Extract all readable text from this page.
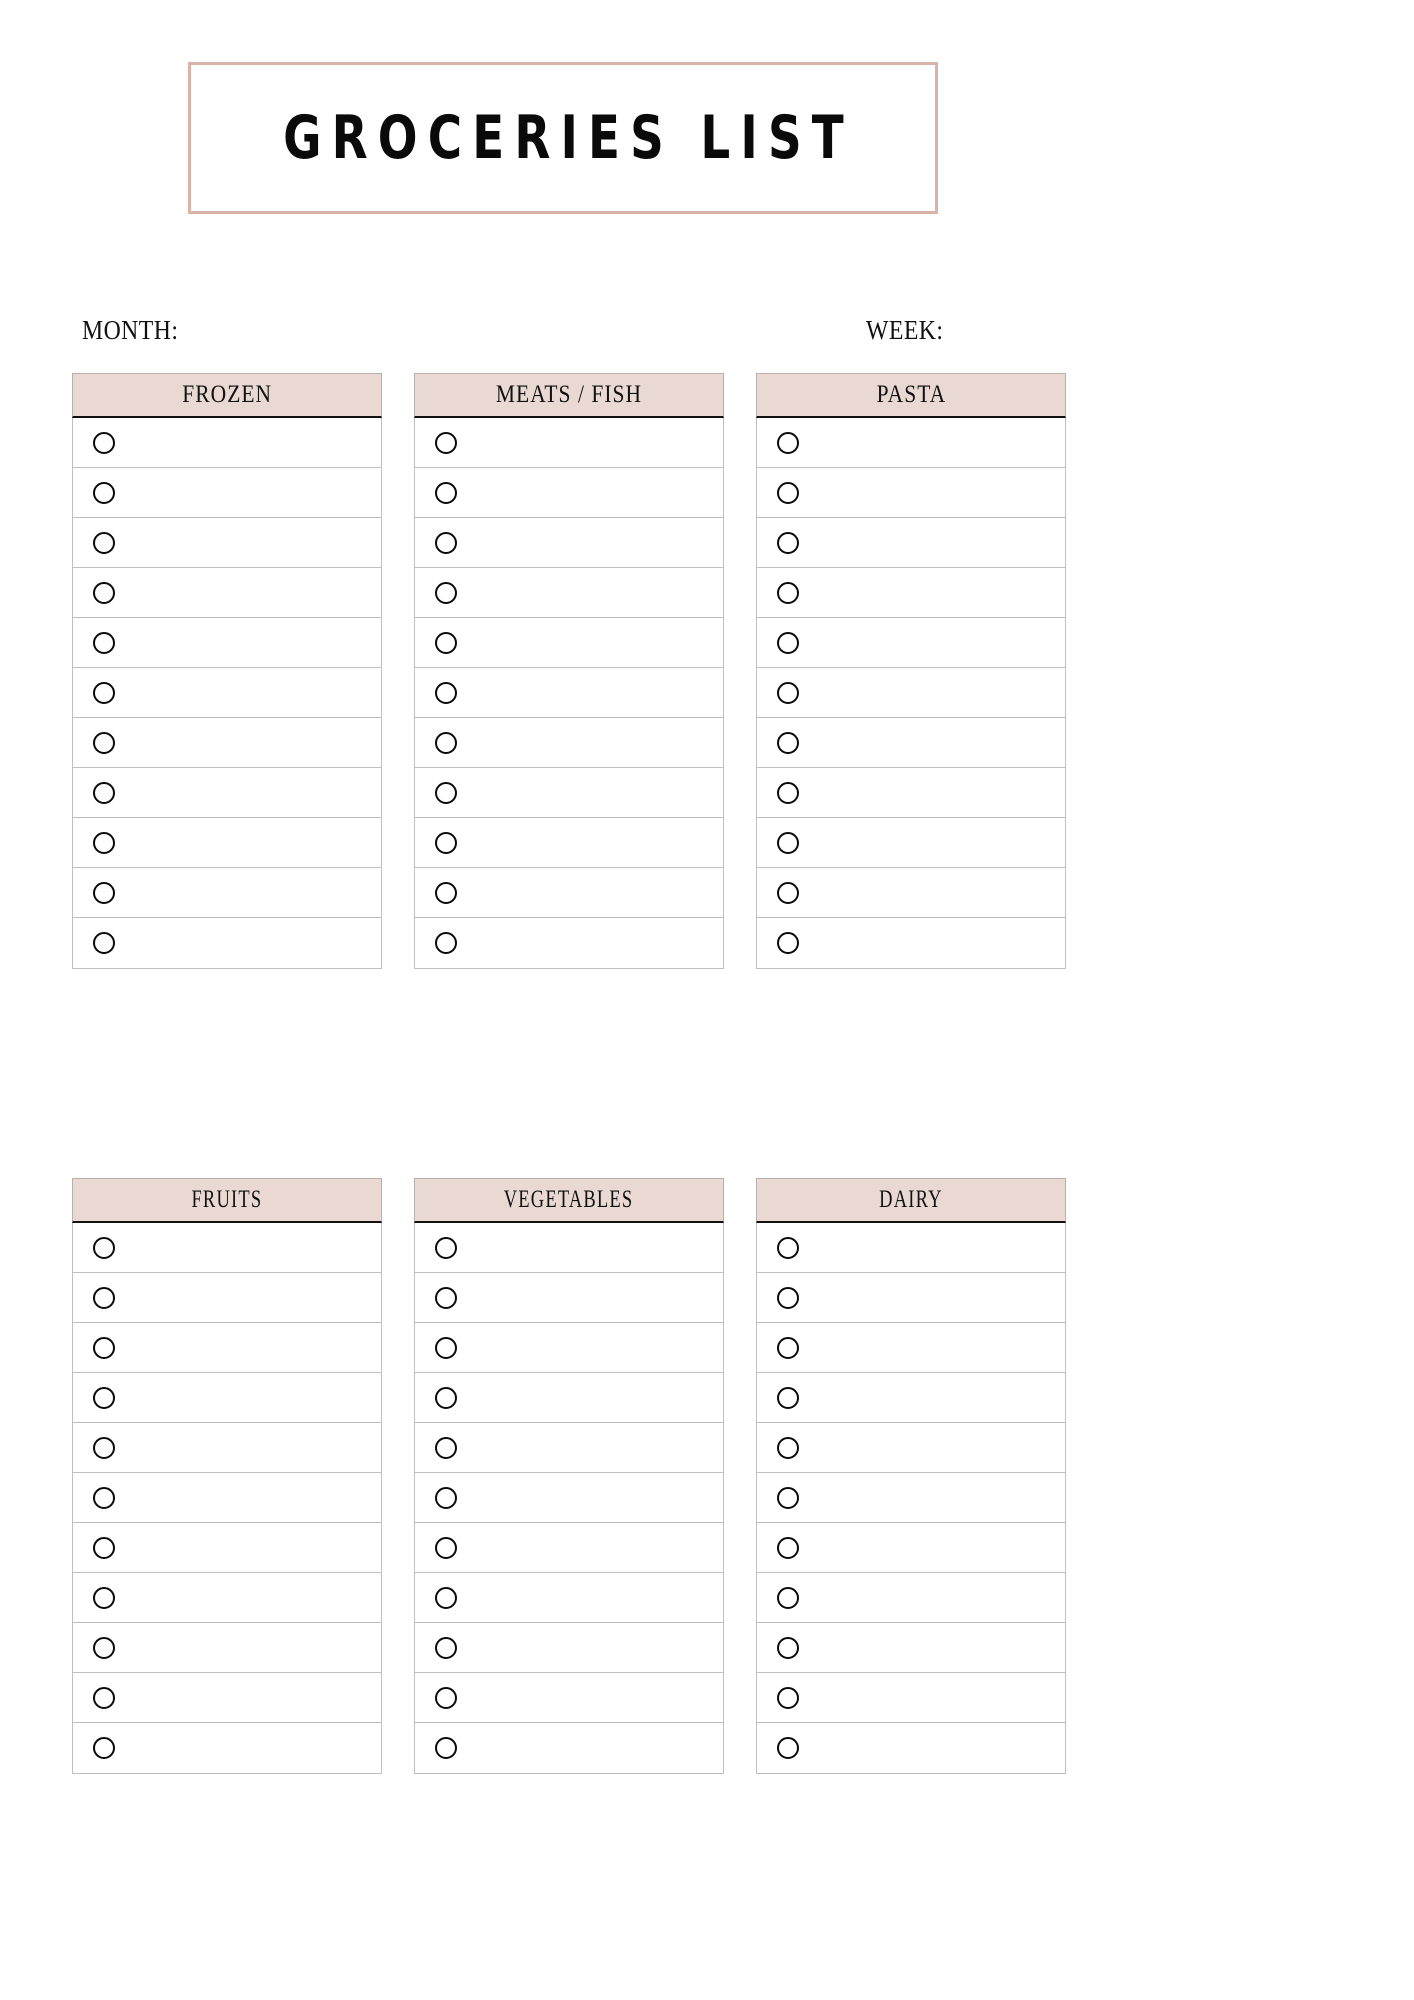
GROCERIES LIST
MONTH:	WEEK:
FROZEN	MEATS / FISH	PASTA
FRUITS	VEGETABLES	DAIRY
